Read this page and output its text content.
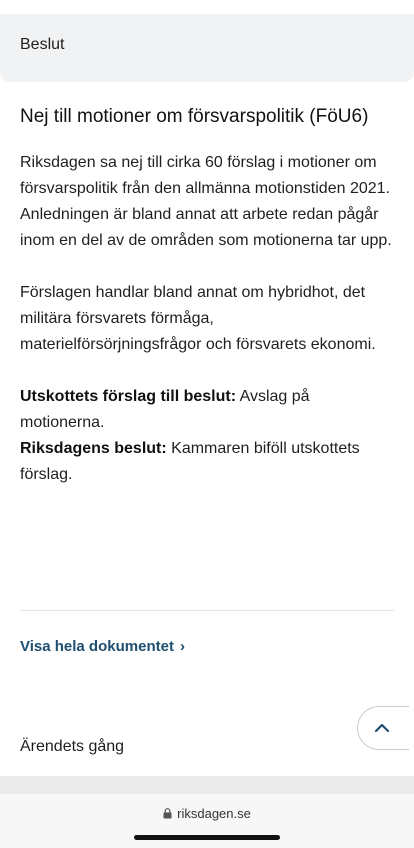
Beslut
Nej till motioner om försvarspolitik (FöU6)

Riksdagen sa nej till cirka 60 förslag i motioner om försvarspolitik från den allmänna motionstiden 2021. Anledningen är bland annat att arbete redan pågår inom en del av de områden som motionerna tar upp.

Förslagen handlar bland annat om hybridhot, det militära försvarets förmåga, materielförsörjningsfrågor och försvarets ekonomi.

Utskottets förslag till beslut: Avslag på motionerna.
Riksdagens beslut: Kammaren biföll utskottets förslag.

Visa hela dokumentet ›
Ärendets gång
riksdagen.se
